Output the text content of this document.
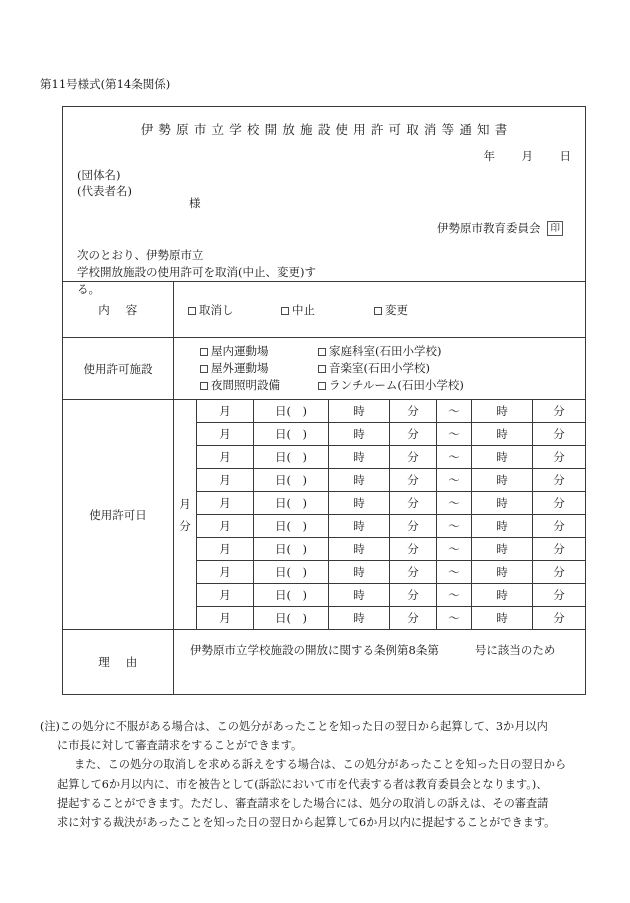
第11号様式(第14条関係)
伊勢原市立学校開放施設使用許可取消等通知書
年 月 日
(団体名)
(代表者名)
様
伊勢原市教育委員会	印
次のとおり、伊勢原市立学校開放施設の使用許可を取消(中止、変更)す
る。
内容	取消し	中止	変更

使用許可施設	
屋内運動場	家庭科室(石田小学校)
屋外運動場	音楽室(石田小学校)
夜間照明設備	ランチルーム(石田小学校)

使用許可日	
月
分
月	日(　)	時	分	〜	時	分
月	日(　)	時	分	〜	時	分
月	日(　)	時	分	〜	時	分
月	日(　)	時	分	〜	時	分
月	日(　)	時	分	〜	時	分
月	日(　)	時	分	〜	時	分
月	日(　)	時	分	〜	時	分
月	日(　)	時	分	〜	時	分
月	日(　)	時	分	〜	時	分
月	日(　)	時	分	〜	時	分

理由	
伊勢原市立学校施設の開放に関する条例第8条第	号に該当のため

(注)この処分に不服がある場合は、この処分があったことを知った日の翌日から起算して、3か月以内

に市長に対して審査請求をすることができます。

また、この処分の取消しを求める訴えをする場合は、この処分があったことを知った日の翌日から

起算して6か月以内に、市を被告として(訴訟において市を代表する者は教育委員会となります。)、

提起することができます。ただし、審査請求をした場合には、処分の取消しの訴えは、その審査請

求に対する裁決があったことを知った日の翌日から起算して6か月以内に提起することができます。
